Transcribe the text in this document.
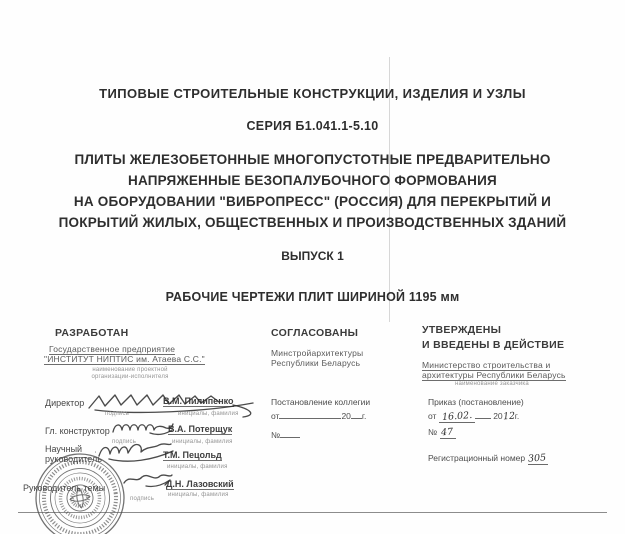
ТИПОВЫЕ СТРОИТЕЛЬНЫЕ КОНСТРУКЦИИ, ИЗДЕЛИЯ И УЗЛЫ
СЕРИЯ Б1.041.1-5.10
ПЛИТЫ ЖЕЛЕЗОБЕТОННЫЕ МНОГОПУСТОТНЫЕ ПРЕДВАРИТЕЛЬНО
НАПРЯЖЕННЫЕ БЕЗОПАЛУБОЧНОГО ФОРМОВАНИЯ
НА ОБОРУДОВАНИИ "ВИБРОПРЕСС" (РОССИЯ) ДЛЯ ПЕРЕКРЫТИЙ И
ПОКРЫТИЙ ЖИЛЫХ, ОБЩЕСТВЕННЫХ И ПРОИЗВОДСТВЕННЫХ ЗДАНИЙ
ВЫПУСК 1
РАБОЧИЕ ЧЕРТЕЖИ ПЛИТ ШИРИНОЙ 1195 мм
РАЗРАБОТАН
Государственное предприятие
"ИНСТИТУТ НИПТИС им. Атаева С.С."
наименование проектной
организации-исполнителя
Директор	В.М. Пилипенко
подпись	инициалы, фамилия
Гл. конструктор	В.А. Потерщук
подпись	инициалы, фамилия
Научный руководитель	Т.М. Пецольд
инициалы, фамилия
Руководитель темы	Д.Н. Лазовский
подпись
инициалы, фамилия
СОГЛАСОВАНЫ
Минстройархитектуры
Республики Беларусь
Постановление коллегии
от	20 г.
№
УТВЕРЖДЕНЫ
И ВВЕДЕНЫ В ДЕЙСТВИЕ
Министерство строительства и
архитектуры Республики Беларусь
наименование заказчика
Приказ (постановление)
от 16.02. 2012г.
№ 47
Регистрационный номер 305
